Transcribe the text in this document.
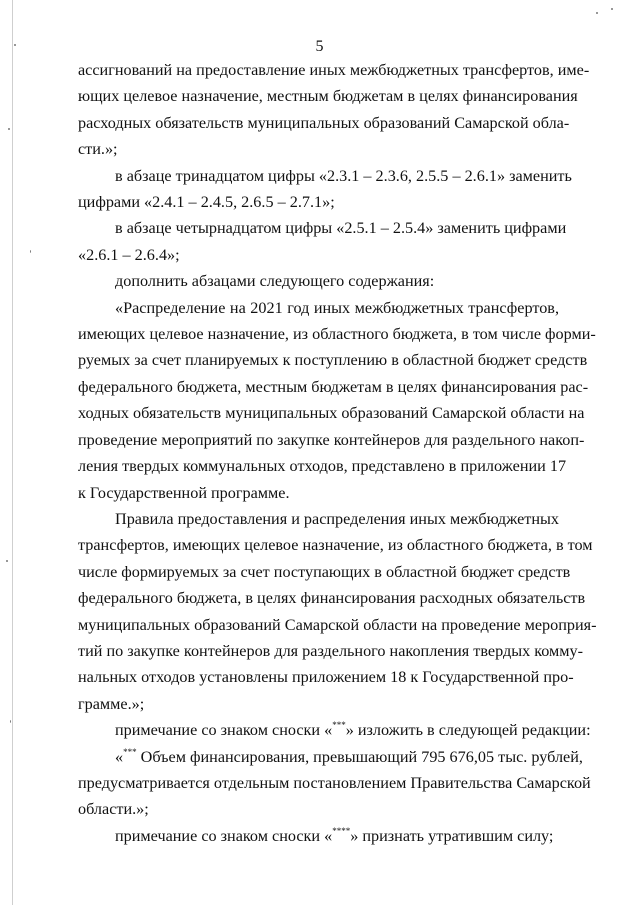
5

ассигнований на предоставление иных межбюджетных трансфертов, име-
ющих целевое назначение, местным бюджетам в целях финансирования
расходных обязательств муниципальных образований Самарской обла-
сти.»;

в абзаце тринадцатом цифры «2.3.1 – 2.3.6, 2.5.5 – 2.6.1» заменить
цифрами «2.4.1 – 2.4.5, 2.6.5 – 2.7.1»;

в абзаце четырнадцатом цифры «2.5.1 – 2.5.4» заменить цифрами
«2.6.1 – 2.6.4»;

дополнить абзацами следующего содержания:

«Распределение на 2021 год иных межбюджетных трансфертов,
имеющих целевое назначение, из областного бюджета, в том числе форми-
руемых за счет планируемых к поступлению в областной бюджет средств
федерального бюджета, местным бюджетам в целях финансирования рас-
ходных обязательств муниципальных образований Самарской области на
проведение мероприятий по закупке контейнеров для раздельного накоп-
ления твердых коммунальных отходов, представлено в приложении 17
к Государственной программе.

Правила предоставления и распределения иных межбюджетных
трансфертов, имеющих целевое назначение, из областного бюджета, в том
числе формируемых за счет поступающих в областной бюджет средств
федерального бюджета, в целях финансирования расходных обязательств
муниципальных образований Самарской области на проведение мероприя-
тий по закупке контейнеров для раздельного накопления твердых комму-
нальных отходов установлены приложением 18 к Государственной про-
грамме.»;

примечание со знаком сноски «***» изложить в следующей редакции:

«*** Объем финансирования, превышающий 795 676,05 тыс. рублей,
предусматривается отдельным постановлением Правительства Самарской
области.»;

примечание со знаком сноски «****» признать утратившим силу;
